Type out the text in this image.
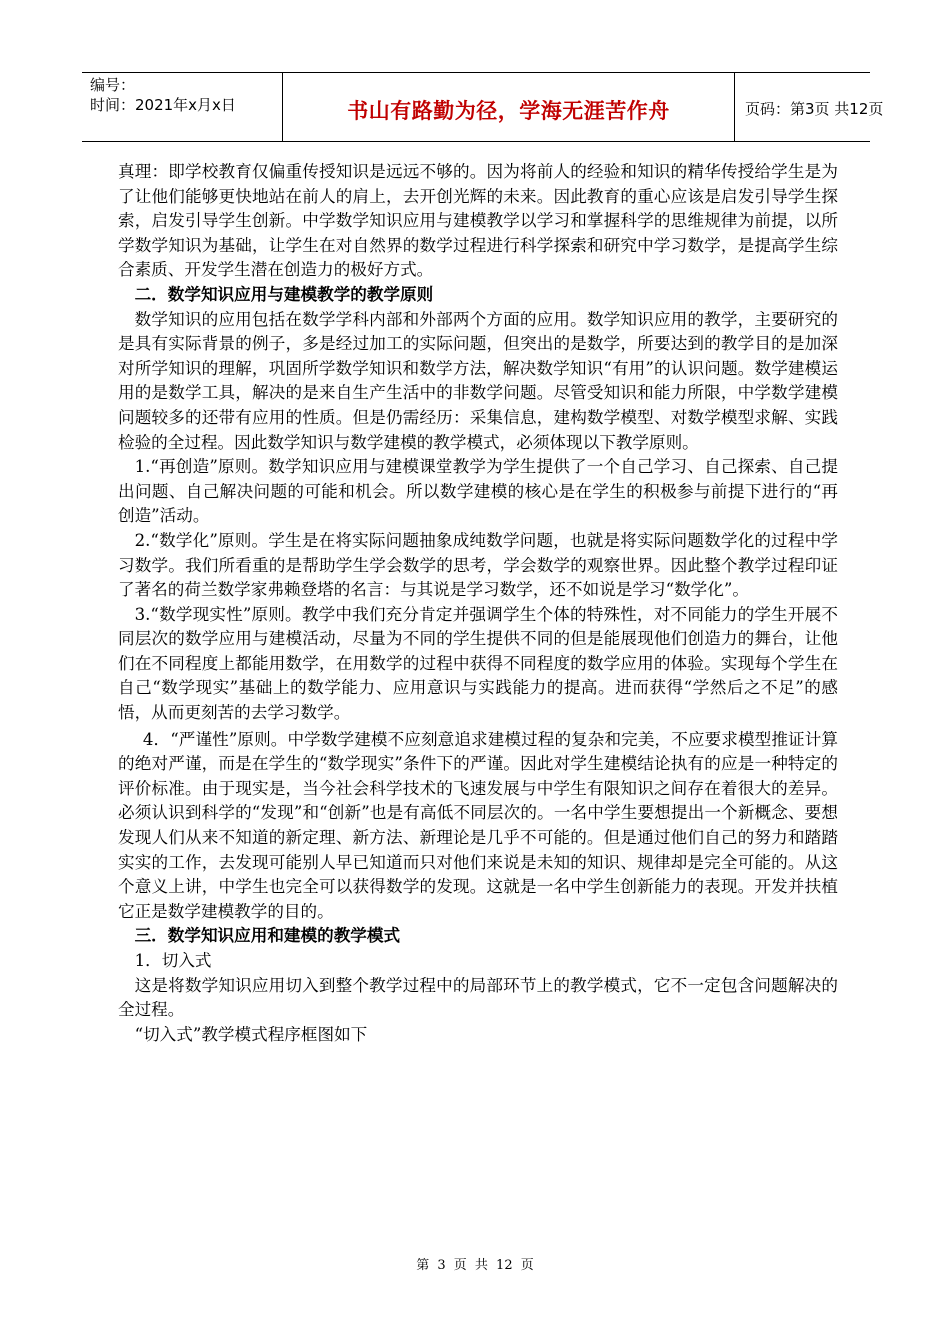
编号：
时间：2021年x月x日	书山有路勤为径，学海无涯苦作舟	页码：第3页 共12页

真理：即学校教育仅偏重传授知识是远远不够的。因为将前人的经验和知识的精华传授给学生是为了让他们能够更快地站在前人的肩上，去开创光辉的未来。因此教育的重心应该是启发引导学生探索，启发引导学生创新。中学数学知识应用与建模教学以学习和掌握科学的思维规律为前提，以所学数学知识为基础，让学生在对自然界的数学过程进行科学探索和研究中学习数学，是提高学生综合素质、开发学生潜在创造力的极好方式。

二．数学知识应用与建模教学的教学原则

数学知识的应用包括在数学学科内部和外部两个方面的应用。数学知识应用的教学，主要研究的是具有实际背景的例子，多是经过加工的实际问题，但突出的是数学，所要达到的教学目的是加深对所学知识的理解，巩固所学数学知识和数学方法，解决数学知识“有用”的认识问题。数学建模运用的是数学工具，解决的是来自生产生活中的非数学问题。尽管受知识和能力所限，中学数学建模问题较多的还带有应用的性质。但是仍需经历：采集信息，建构数学模型、对数学模型求解、实践检验的全过程。因此数学知识与数学建模的教学模式，必须体现以下教学原则。

1.“再创造”原则。数学知识应用与建模课堂教学为学生提供了一个自己学习、自己探索、自己提出问题、自己解决问题的可能和机会。所以数学建模的核心是在学生的积极参与前提下进行的“再创造”活动。

2.“数学化”原则。学生是在将实际问题抽象成纯数学问题，也就是将实际问题数学化的过程中学习数学。我们所看重的是帮助学生学会数学的思考，学会数学的观察世界。因此整个教学过程印证了著名的荷兰数学家弗赖登塔的名言：与其说是学习数学，还不如说是学习“数学化”。

3.“数学现实性”原则。教学中我们充分肯定并强调学生个体的特殊性，对不同能力的学生开展不同层次的数学应用与建模活动，尽量为不同的学生提供不同的但是能展现他们创造力的舞台，让他们在不同程度上都能用数学，在用数学的过程中获得不同程度的数学应用的体验。实现每个学生在自己“数学现实”基础上的数学能力、应用意识与实践能力的提高。进而获得“学然后之不足”的感悟，从而更刻苦的去学习数学。

4．“严谨性”原则。中学数学建模不应刻意追求建模过程的复杂和完美，不应要求模型推证计算的绝对严谨，而是在学生的“数学现实”条件下的严谨。因此对学生建模结论执有的应是一种特定的评价标准。由于现实是，当今社会科学技术的飞速发展与中学生有限知识之间存在着很大的差异。必须认识到科学的“发现”和“创新”也是有高低不同层次的。一名中学生要想提出一个新概念、要想发现人们从来不知道的新定理、新方法、新理论是几乎不可能的。但是通过他们自己的努力和踏踏实实的工作，去发现可能别人早已知道而只对他们来说是未知的知识、规律却是完全可能的。从这个意义上讲，中学生也完全可以获得数学的发现。这就是一名中学生创新能力的表现。开发并扶植它正是数学建模教学的目的。

三．数学知识应用和建模的教学模式

1．切入式

这是将数学知识应用切入到整个教学过程中的局部环节上的教学模式，它不一定包含问题解决的全过程。

“切入式”教学模式程序框图如下

第 3 页 共 12 页
